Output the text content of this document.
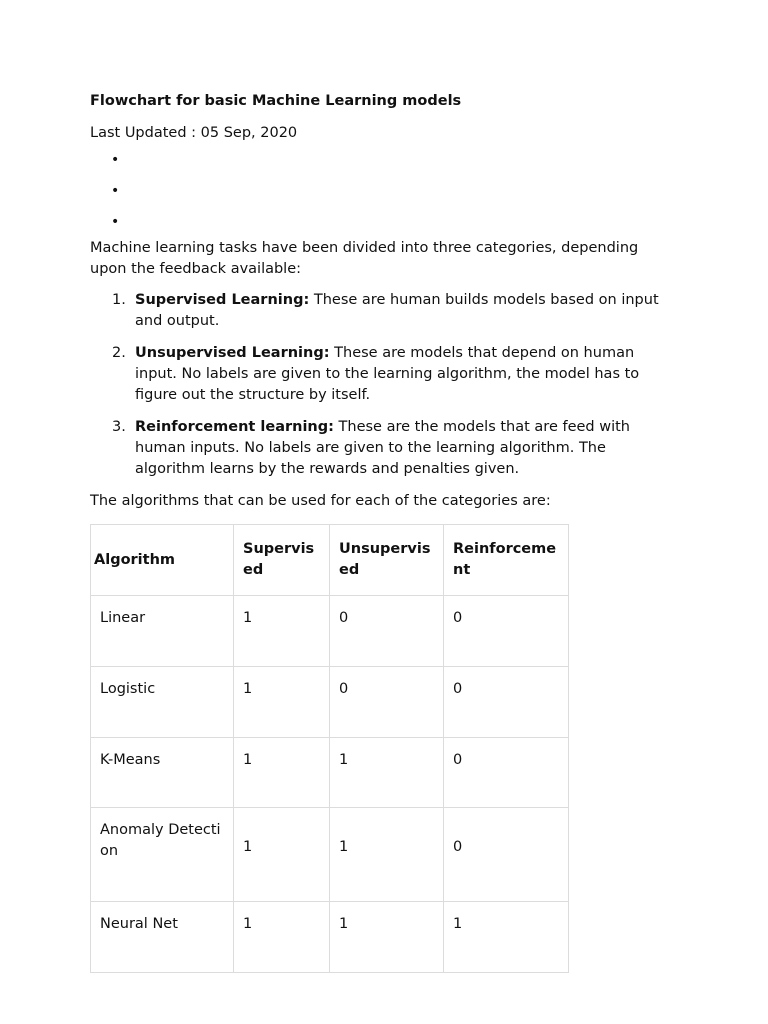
Flowchart for basic Machine Learning models

Last Updated : 05 Sep, 2020

•
•
•

Machine learning tasks have been divided into three categories, depending upon the feedback available:

1. Supervised Learning: These are human builds models based on input and output.
2. Unsupervised Learning: These are models that depend on human input. No labels are given to the learning algorithm, the model has to figure out the structure by itself.
3. Reinforcement learning: These are the models that are feed with human inputs. No labels are given to the learning algorithm. The algorithm learns by the rewards and penalties given.

The algorithms that can be used for each of the categories are:

Algorithm	Supervised	Unsupervised	Reinforcement
Linear	1	0	0
Logistic	1	0	0
K-Means	1	1	0
Anomaly Detection	1	1	0
Neural Net	1	1	1
